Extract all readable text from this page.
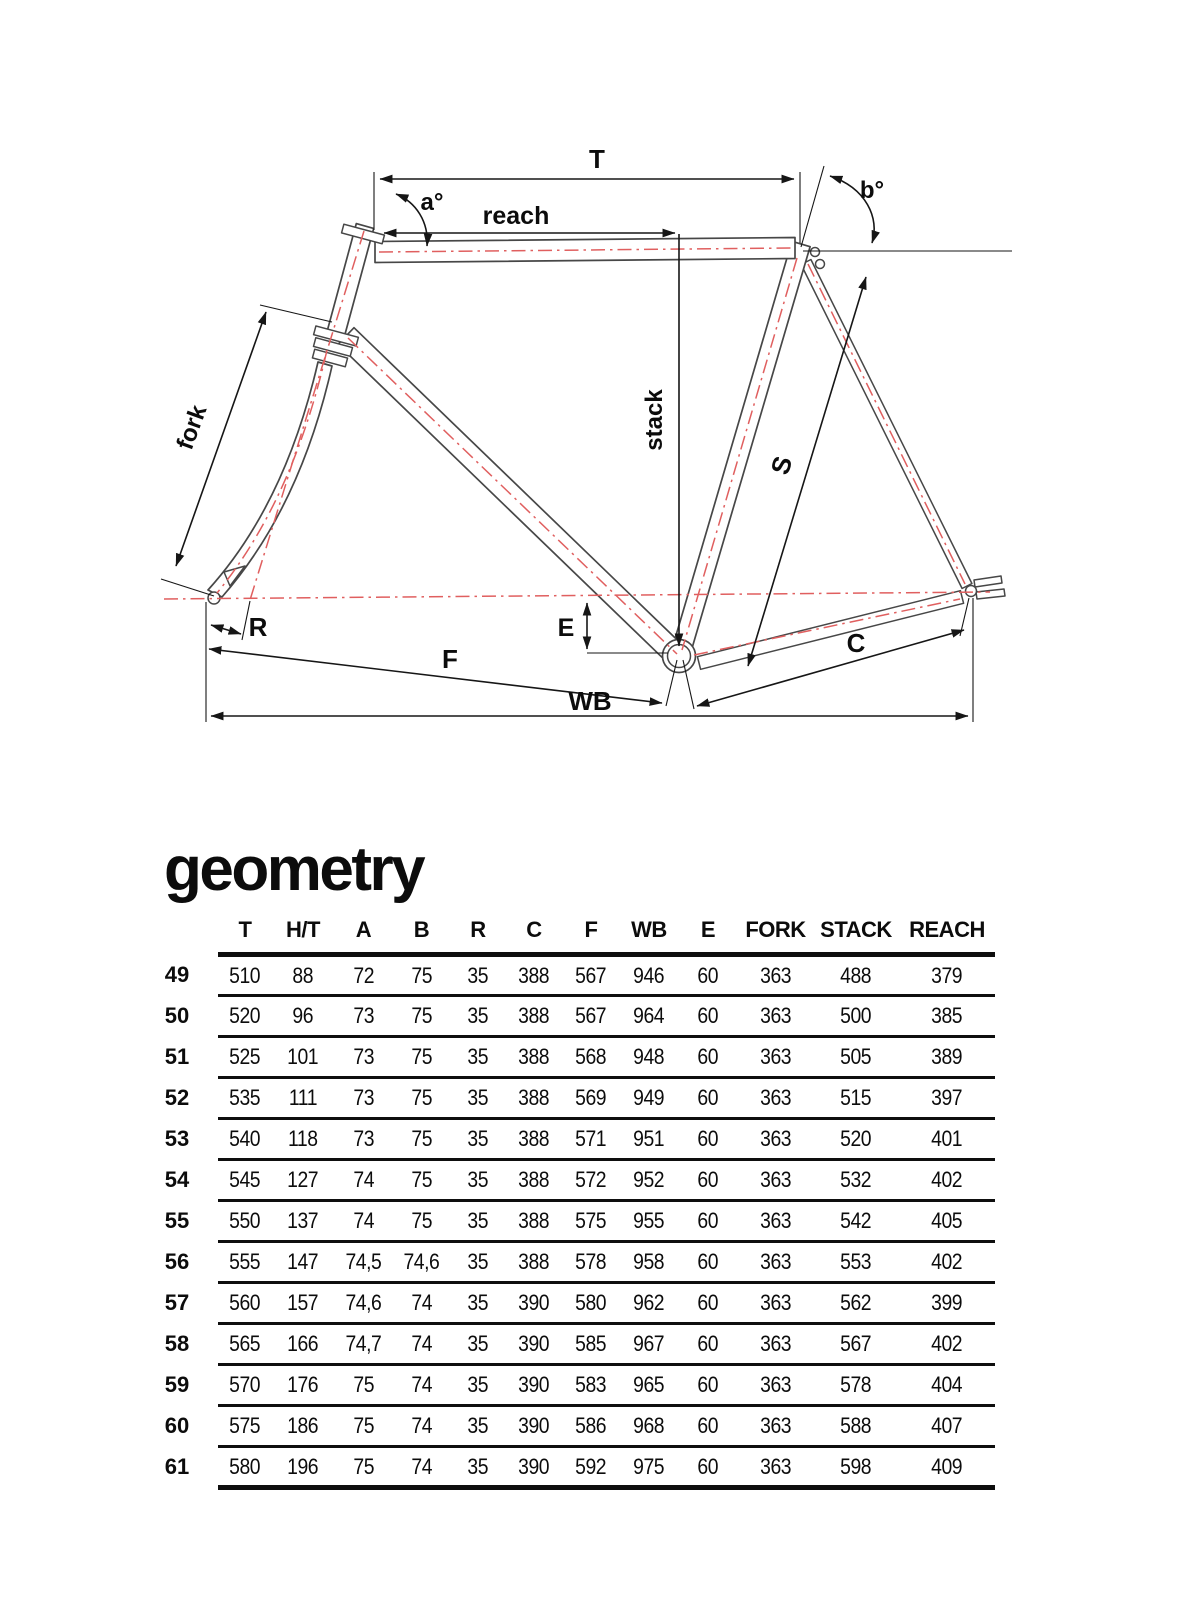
T
a° reach
b°
fork	stack
S
R	E
F
C
WB
geometry
	T	H/T	A	B	R	C	F	WB	E	FORK	STACK	REACH
49	510	88	72	75	35	388	567	946	60	363	488	379
50	520	96	73	75	35	388	567	964	60	363	500	385
51	525	101	73	75	35	388	568	948	60	363	505	389
52	535	111	73	75	35	388	569	949	60	363	515	397
53	540	118	73	75	35	388	571	951	60	363	520	401
54	545	127	74	75	35	388	572	952	60	363	532	402
55	550	137	74	75	35	388	575	955	60	363	542	405
56	555	147	74,5	74,6	35	388	578	958	60	363	553	402
57	560	157	74,6	74	35	390	580	962	60	363	562	399
58	565	166	74,7	74	35	390	585	967	60	363	567	402
59	570	176	75	74	35	390	583	965	60	363	578	404
60	575	186	75	74	35	390	586	968	60	363	588	407
61	580	196	75	74	35	390	592	975	60	363	598	409
